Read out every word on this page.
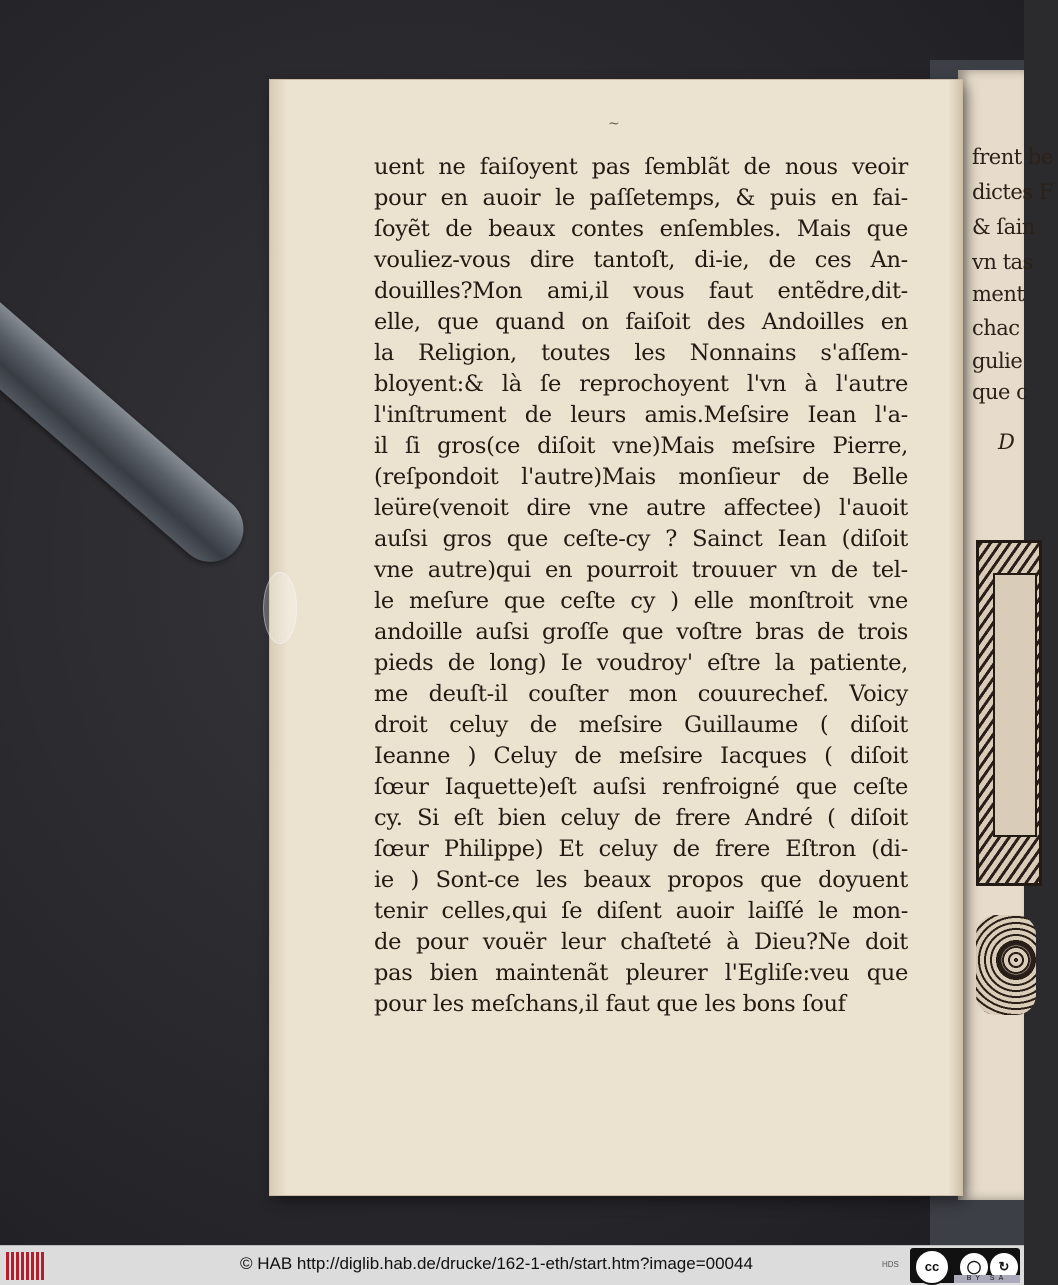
frent be
dictes F
& ſain
vn tas
ment
chac
gulie
que c
D
~
uent ne faiſoyent pas ſemblãt de nous veoir
pour en auoir le paſſetemps, & puis en fai-
ſoyẽt de beaux contes enſembles. Mais que
vouliez-vous dire tantoſt, di-ie, de ces An-
douilles?Mon ami,il vous faut entẽdre,dit-
elle, que quand on faiſoit des Andoilles en
la Religion, toutes les Nonnains s'aſſem-
bloyent:& là ſe reprochoyent l'vn à l'autre
l'inſtrument de leurs amis.Meſsire Iean l'a-
il ſi gros(ce diſoit vne)Mais meſsire Pierre,
(reſpondoit l'autre)Mais monſieur de Belle
leüre(venoit dire vne autre affectee) l'auoit
auſsi gros que ceſte-cy ? Sainct Iean (diſoit
vne autre)qui en pourroit trouuer vn de tel-
le meſure que ceſte cy ) elle monſtroit vne
andoille auſsi groſſe que voſtre bras de trois
pieds de long) Ie voudroy' eſtre la patiente,
me deuſt-il couſter mon couurechef. Voicy
droit celuy de meſsire Guillaume ( diſoit
Ieanne ) Celuy de meſsire Iacques ( diſoit
ſœur Iaquette)eſt auſsi renfroigné que ceſte
cy. Si eſt bien celuy de frere André ( diſoit
ſœur Philippe) Et celuy de frere Eſtron (di-
ie ) Sont-ce les beaux propos que doyuent
tenir celles,qui ſe diſent auoir laiſſé le mon-
de pour vouër leur chaſteté à Dieu?Ne doit
pas bien maintenãt pleurer l'Egliſe:veu que
pour les meſchans,il faut que les bons ſouf
© HAB http://diglib.hab.de/drucke/162-1-eth/start.htm?image=00044	HDS	cc	◯	↻
BY SA
